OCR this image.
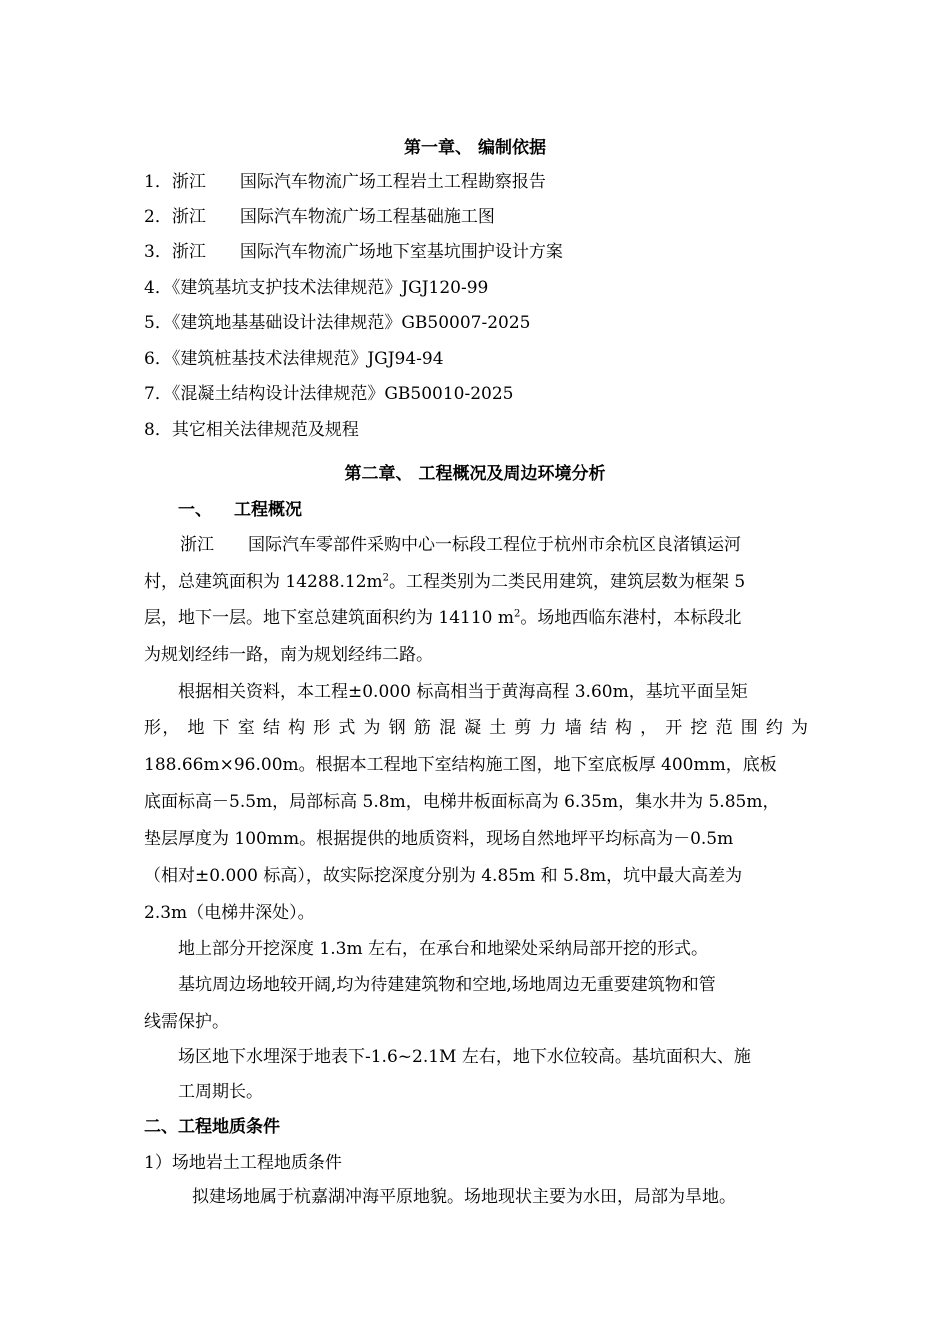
第一章、 编制依据
1．浙江 国际汽车物流广场工程岩土工程勘察报告
2．浙江 国际汽车物流广场工程基础施工图
3．浙江 国际汽车物流广场地下室基坑围护设计方案
4．《建筑基坑支护技术法律规范》JGJ120-99
5．《建筑地基基础设计法律规范》GB50007-2025
6．《建筑桩基技术法律规范》JGJ94-94
7．《混凝土结构设计法律规范》GB50010-2025
8．其它相关法律规范及规程
第二章、 工程概况及周边环境分析
一、 工程概况
浙江 国际汽车零部件采购中心一标段工程位于杭州市余杭区良渚镇运河
村，总建筑面积为 $14288.12m^2$。工程类别为二类民用建筑，建筑层数为框架 5
层，地下一层。地下室总建筑面积约为 14110 $m^2$。场地西临东港村，本标段北
为规划经纬一路，南为规划经纬二路。
根据相关资料，本工程±0.000 标高相当于黄海高程 3.60m，基坑平面呈矩
形， 地 下 室 结 构 形 式 为 钢 筋 混 凝 土 剪 力 墙 结 构 ， 开 挖 范 围 约 为
188.66m×96.00m。根据本工程地下室结构施工图，地下室底板厚 400mm，底板
底面标高－5.5m，局部标高 5.8m，电梯井板面标高为 6.35m，集水井为 5.85m，
垫层厚度为 100mm。根据提供的地质资料，现场自然地坪平均标高为－0.5m
（相对±0.000 标高），故实际挖深度分别为 4.85m 和 5.8m，坑中最大高差为
2.3m（电梯井深处）。
地上部分开挖深度 1.3m 左右，在承台和地梁处采纳局部开挖的形式。
基坑周边场地较开阔,均为待建建筑物和空地,场地周边无重要建筑物和管
线需保护。
场区地下水埋深于地表下-1.6~2.1M 左右，地下水位较高。基坑面积大、施
工周期长。
二、工程地质条件
1）场地岩土工程地质条件
拟建场地属于杭嘉湖冲海平原地貌。场地现状主要为水田，局部为旱地。
